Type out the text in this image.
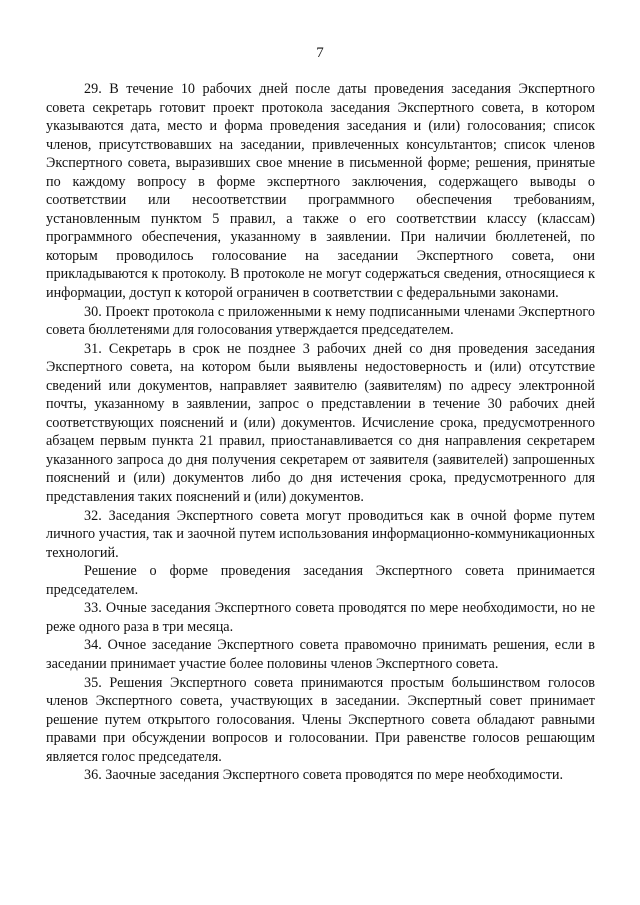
7

29. В течение 10 рабочих дней после даты проведения заседания Экспертного совета секретарь готовит проект протокола заседания Экспертного совета, в котором указываются дата, место и форма проведения заседания и (или) голосования; список членов, присутствовавших на заседании, привлеченных консультантов; список членов Экспертного совета, выразивших свое мнение в письменной форме; решения, принятые по каждому вопросу в форме экспертного заключения, содержащего выводы о соответствии или несоответствии программного обеспечения требованиям, установленным пунктом 5 правил, а также о его соответствии классу (классам) программного обеспечения, указанному в заявлении. При наличии бюллетеней, по которым проводилось голосование на заседании Экспертного совета, они прикладываются к протоколу. В протоколе не могут содержаться сведения, относящиеся к информации, доступ к которой ограничен в соответствии с федеральными законами.

30. Проект протокола с приложенными к нему подписанными членами Экспертного совета бюллетенями для голосования утверждается председателем.

31. Секретарь в срок не позднее 3 рабочих дней со дня проведения заседания Экспертного совета, на котором были выявлены недостоверность и (или) отсутствие сведений или документов, направляет заявителю (заявителям) по адресу электронной почты, указанному в заявлении, запрос о представлении в течение 30 рабочих дней соответствующих пояснений и (или) документов. Исчисление срока, предусмотренного абзацем первым пункта 21 правил, приостанавливается со дня направления секретарем указанного запроса до дня получения секретарем от заявителя (заявителей) запрошенных пояснений и (или) документов либо до дня истечения срока, предусмотренного для представления таких пояснений и (или) документов.

32. Заседания Экспертного совета могут проводиться как в очной форме путем личного участия, так и заочной путем использования информационно-коммуникационных технологий.

Решение о форме проведения заседания Экспертного совета принимается председателем.

33. Очные заседания Экспертного совета проводятся по мере необходимости, но не реже одного раза в три месяца.

34. Очное заседание Экспертного совета правомочно принимать решения, если в заседании принимает участие более половины членов Экспертного совета.

35. Решения Экспертного совета принимаются простым большинством голосов членов Экспертного совета, участвующих в заседании. Экспертный совет принимает решение путем открытого голосования. Члены Экспертного совета обладают равными правами при обсуждении вопросов и голосовании. При равенстве голосов решающим является голос председателя.

36. Заочные заседания Экспертного совета проводятся по мере необходимости.
